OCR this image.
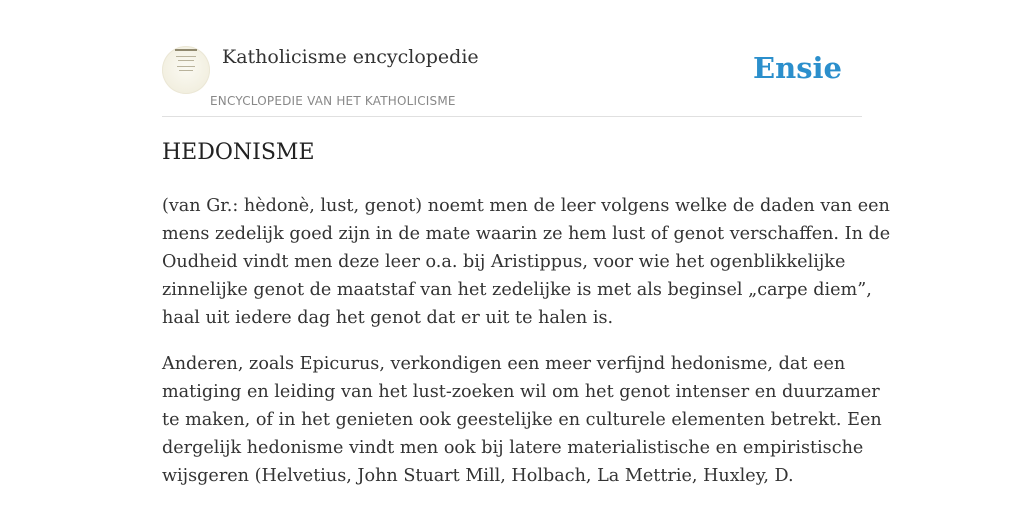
Katholicisme encyclopedie
ENCYCLOPEDIE VAN HET KATHOLICISME
Ensie
HEDONISME

(van Gr.: hèdonè, lust, genot) noemt men de leer volgens welke de daden van een
mens zedelijk goed zijn in de mate waarin ze hem lust of genot verschaffen. In de
Oudheid vindt men deze leer o.a. bij Aristippus, voor wie het ogenblikkelijke
zinnelijke genot de maatstaf van het zedelijke is met als beginsel „carpe diem”,
haal uit iedere dag het genot dat er uit te halen is.

Anderen, zoals Epicurus, verkondigen een meer verfijnd hedonisme, dat een
matiging en leiding van het lust-zoeken wil om het genot intenser en duurzamer
te maken, of in het genieten ook geestelijke en culturele elementen betrekt. Een
dergelijk hedonisme vindt men ook bij latere materialistische en empiristische
wijsgeren (Helvetius, John Stuart Mill, Holbach, La Mettrie, Huxley, D.
